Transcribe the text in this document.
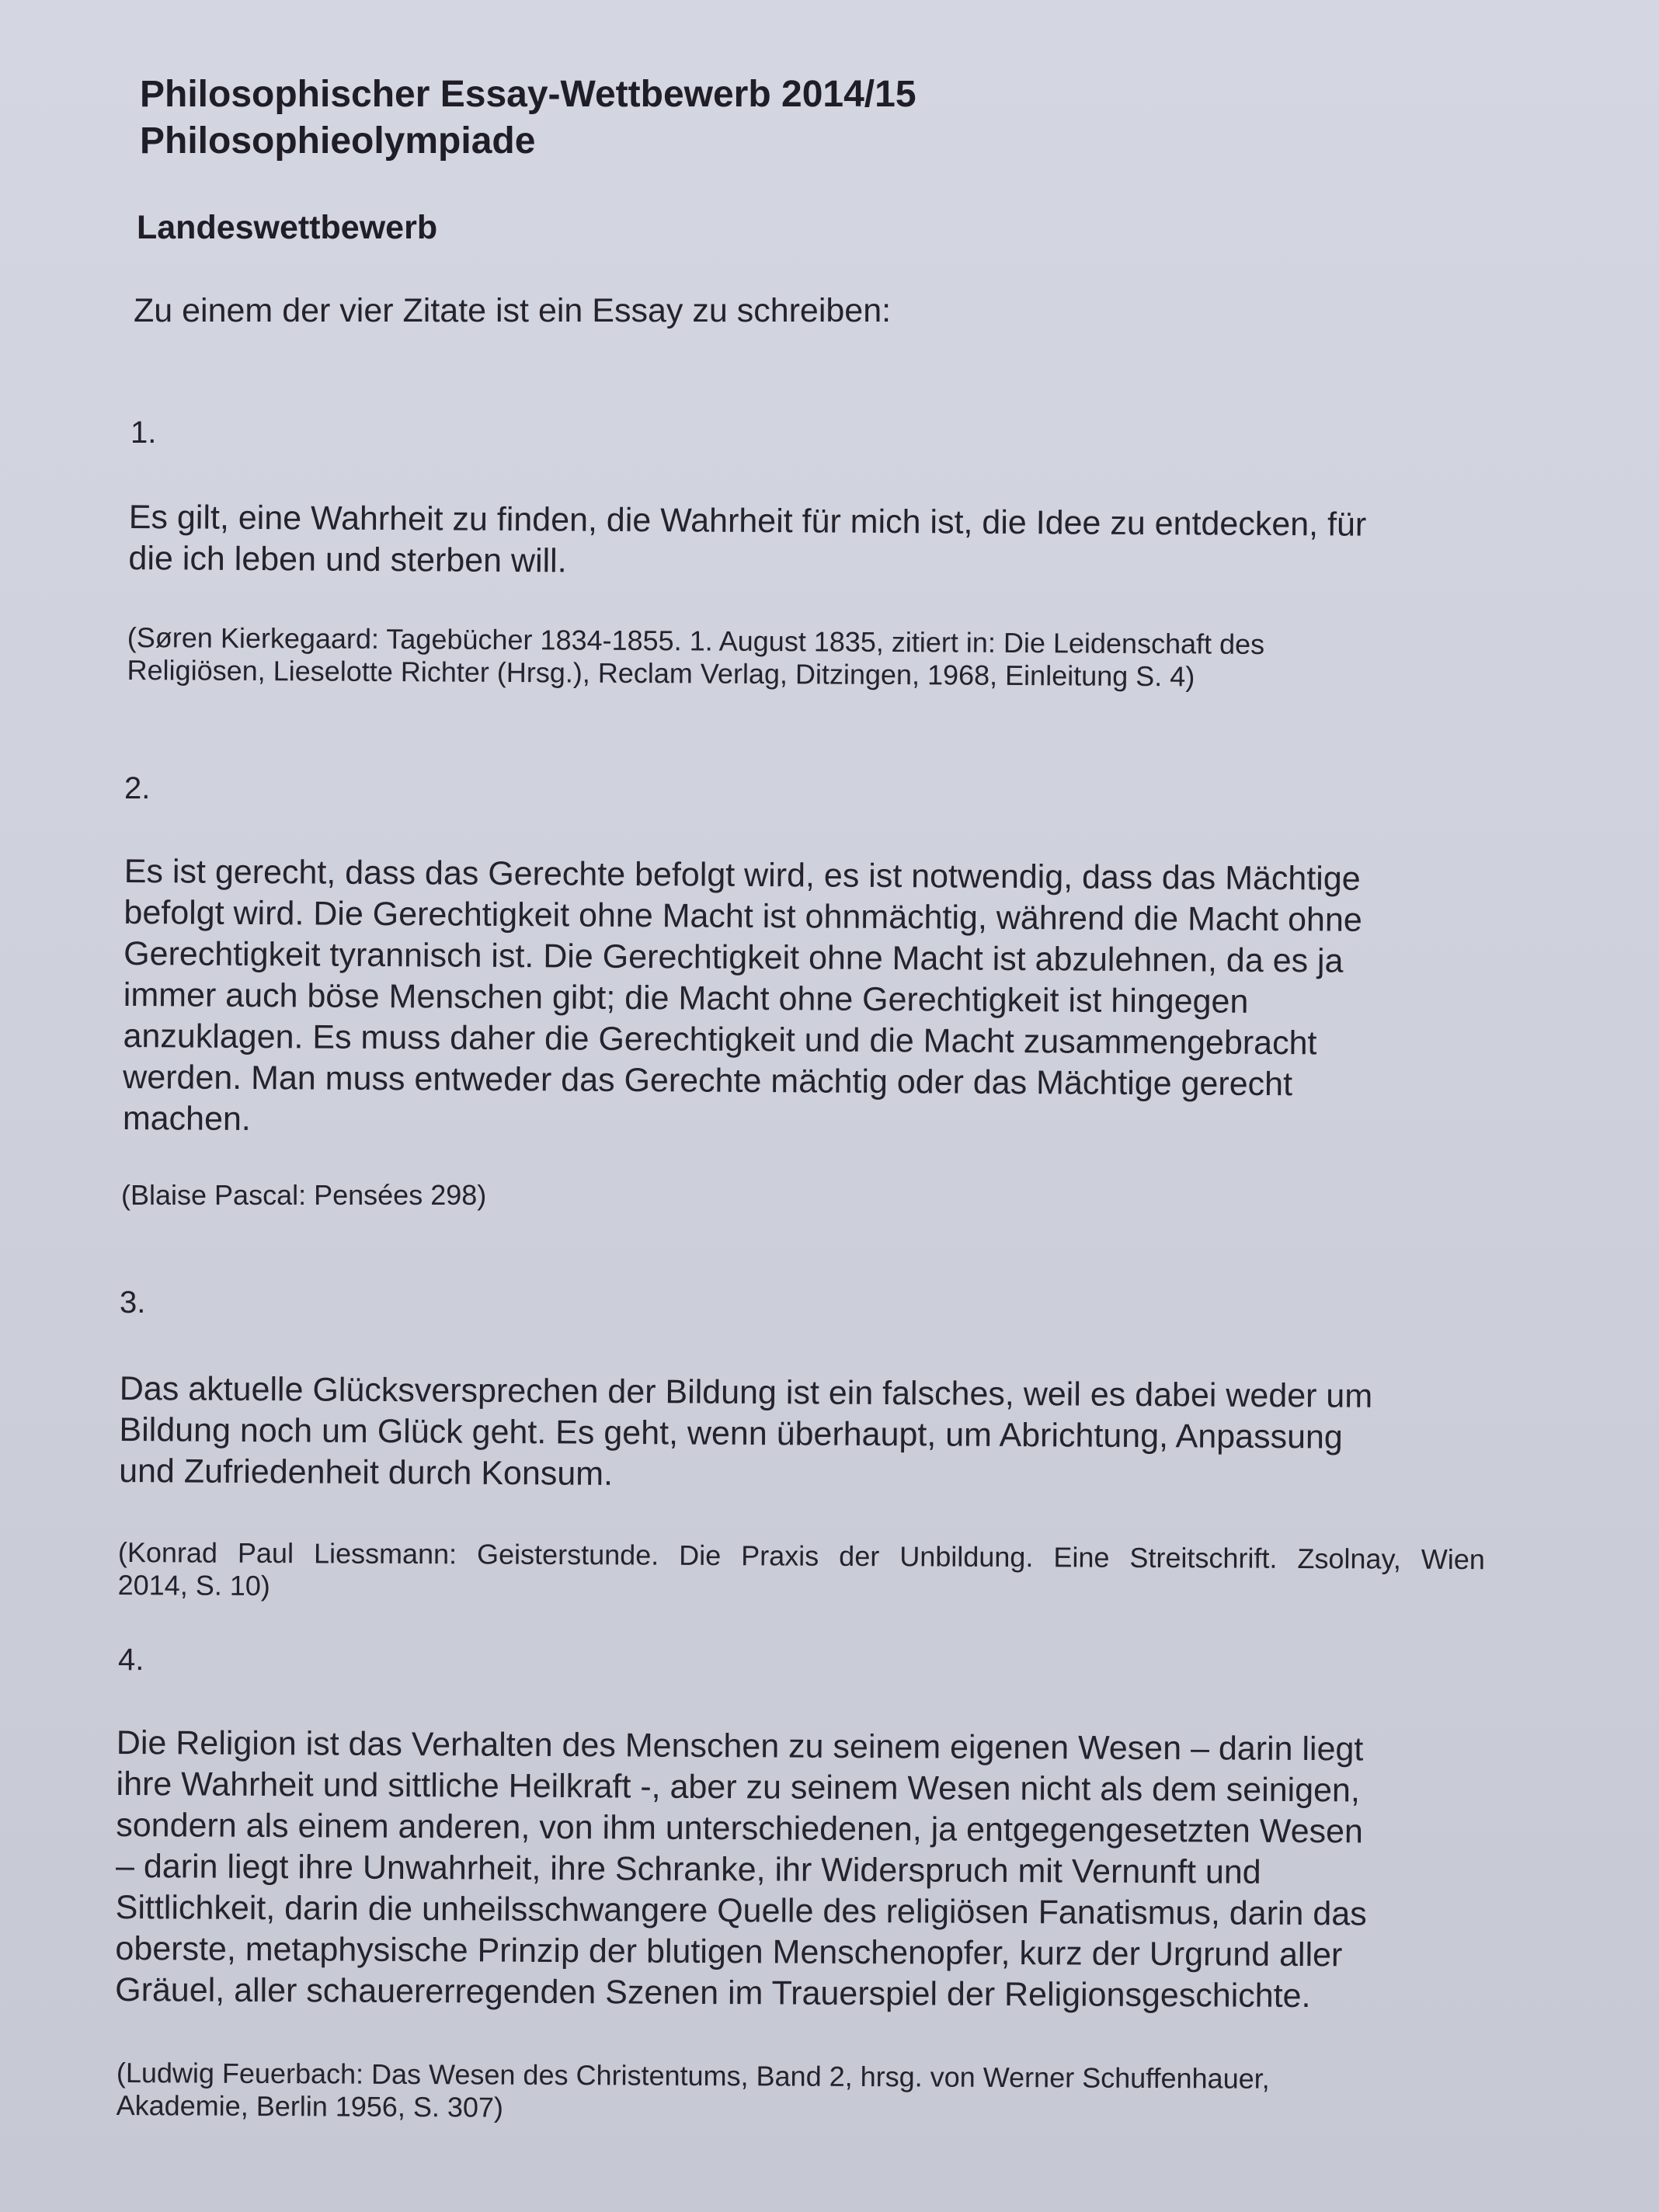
Philosophischer Essay-Wettbewerb 2014/15
Philosophieolympiade
Landeswettbewerb
Zu einem der vier Zitate ist ein Essay zu schreiben:
1.
Es gilt, eine Wahrheit zu finden, die Wahrheit für mich ist, die Idee zu entdecken, für
die ich leben und sterben will.
(Søren Kierkegaard: Tagebücher 1834-1855. 1. August 1835, zitiert in: Die Leidenschaft des
Religiösen, Lieselotte Richter (Hrsg.), Reclam Verlag, Ditzingen, 1968, Einleitung S. 4)
2.
Es ist gerecht, dass das Gerechte befolgt wird, es ist notwendig, dass das Mächtige
befolgt wird. Die Gerechtigkeit ohne Macht ist ohnmächtig, während die Macht ohne
Gerechtigkeit tyrannisch ist. Die Gerechtigkeit ohne Macht ist abzulehnen, da es ja
immer auch böse Menschen gibt; die Macht ohne Gerechtigkeit ist hingegen
anzuklagen. Es muss daher die Gerechtigkeit und die Macht zusammengebracht
werden. Man muss entweder das Gerechte mächtig oder das Mächtige gerecht
machen.
(Blaise Pascal: Pensées 298)
3.
Das aktuelle Glücksversprechen der Bildung ist ein falsches, weil es dabei weder um
Bildung noch um Glück geht. Es geht, wenn überhaupt, um Abrichtung, Anpassung
und Zufriedenheit durch Konsum.
(Konrad Paul Liessmann: Geisterstunde. Die Praxis der Unbildung. Eine Streitschrift. Zsolnay, Wien
2014, S. 10)
4.
Die Religion ist das Verhalten des Menschen zu seinem eigenen Wesen – darin liegt
ihre Wahrheit und sittliche Heilkraft -, aber zu seinem Wesen nicht als dem seinigen,
sondern als einem anderen, von ihm unterschiedenen, ja entgegengesetzten Wesen
– darin liegt ihre Unwahrheit, ihre Schranke, ihr Widerspruch mit Vernunft und
Sittlichkeit, darin die unheilsschwangere Quelle des religiösen Fanatismus, darin das
oberste, metaphysische Prinzip der blutigen Menschenopfer, kurz der Urgrund aller
Gräuel, aller schauererregenden Szenen im Trauerspiel der Religionsgeschichte.
(Ludwig Feuerbach: Das Wesen des Christentums, Band 2, hrsg. von Werner Schuffenhauer,
Akademie, Berlin 1956, S. 307)
